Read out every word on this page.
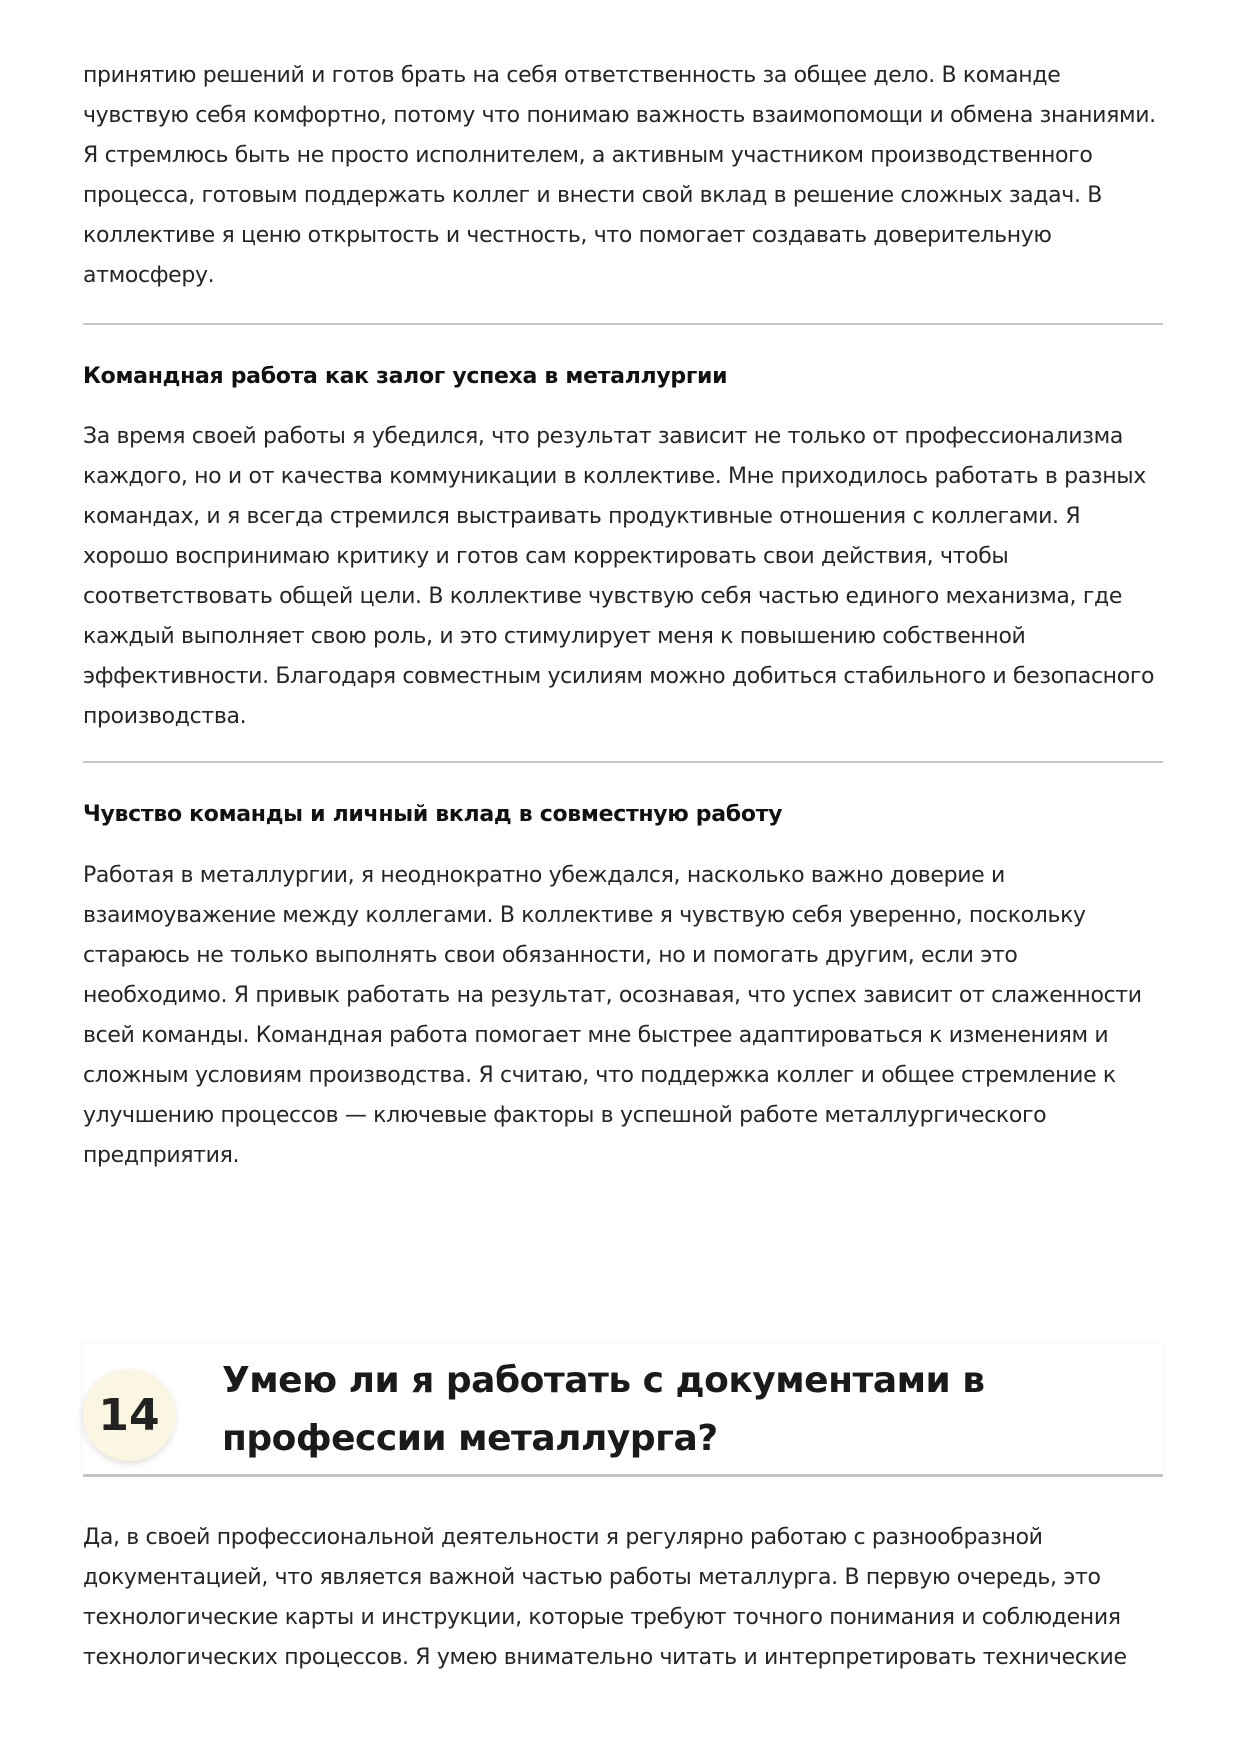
принятию решений и готов брать на себя ответственность за общее дело. В команде чувствую себя комфортно, потому что понимаю важность взаимопомощи и обмена знаниями. Я стремлюсь быть не просто исполнителем, а активным участником производственного процесса, готовым поддержать коллег и внести свой вклад в решение сложных задач. В коллективе я ценю открытость и честность, что помогает создавать доверительную атмосферу.

Командная работа как залог успеха в металлургии

За время своей работы я убедился, что результат зависит не только от профессионализма каждого, но и от качества коммуникации в коллективе. Мне приходилось работать в разных командах, и я всегда стремился выстраивать продуктивные отношения с коллегами. Я хорошо воспринимаю критику и готов сам корректировать свои действия, чтобы соответствовать общей цели. В коллективе чувствую себя частью единого механизма, где каждый выполняет свою роль, и это стимулирует меня к повышению собственной эффективности. Благодаря совместным усилиям можно добиться стабильного и безопасного производства.

Чувство команды и личный вклад в совместную работу

Работая в металлургии, я неоднократно убеждался, насколько важно доверие и взаимоуважение между коллегами. В коллективе я чувствую себя уверенно, поскольку стараюсь не только выполнять свои обязанности, но и помогать другим, если это необходимо. Я привык работать на результат, осознавая, что успех зависит от слаженности всей команды. Командная работа помогает мне быстрее адаптироваться к изменениям и сложным условиям производства. Я считаю, что поддержка коллег и общее стремление к улучшению процессов — ключевые факторы в успешной работе металлургического предприятия.

14
Умею ли я работать с документами в профессии металлурга?

Да, в своей профессиональной деятельности я регулярно работаю с разнообразной документацией, что является важной частью работы металлурга. В первую очередь, это технологические карты и инструкции, которые требуют точного понимания и соблюдения технологических процессов. Я умею внимательно читать и интерпретировать технические
